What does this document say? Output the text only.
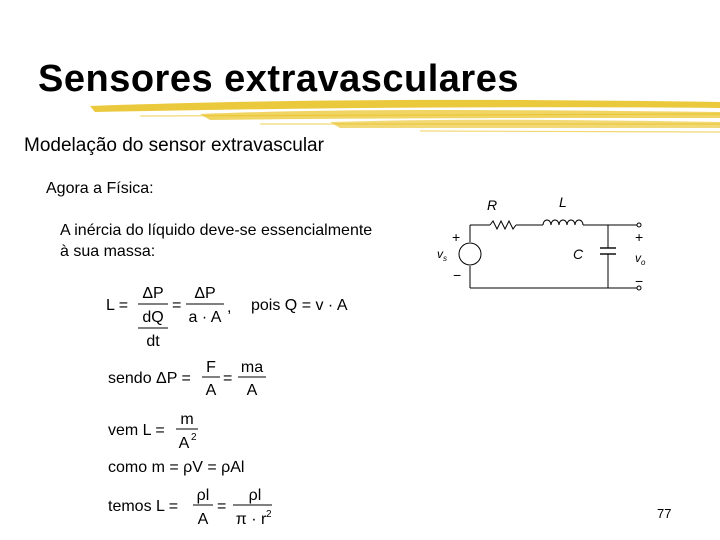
Sensores extravasculares
Modelação do sensor extravascular
Agora a Física:
A inércia do líquido deve-se essencialmente
à sua massa:
R	L
C
+
−
$v_s$
+
−
$v_o$
L =
ΔP
dQ
dt
=
ΔP
a · A
, pois Q = v · A
sendo ΔP =
F
A
=
ma
A
vem L =
m
A 2
como m = ρV = ρAl
temos L =
ρl
A
=
ρl
π · r 2	77
